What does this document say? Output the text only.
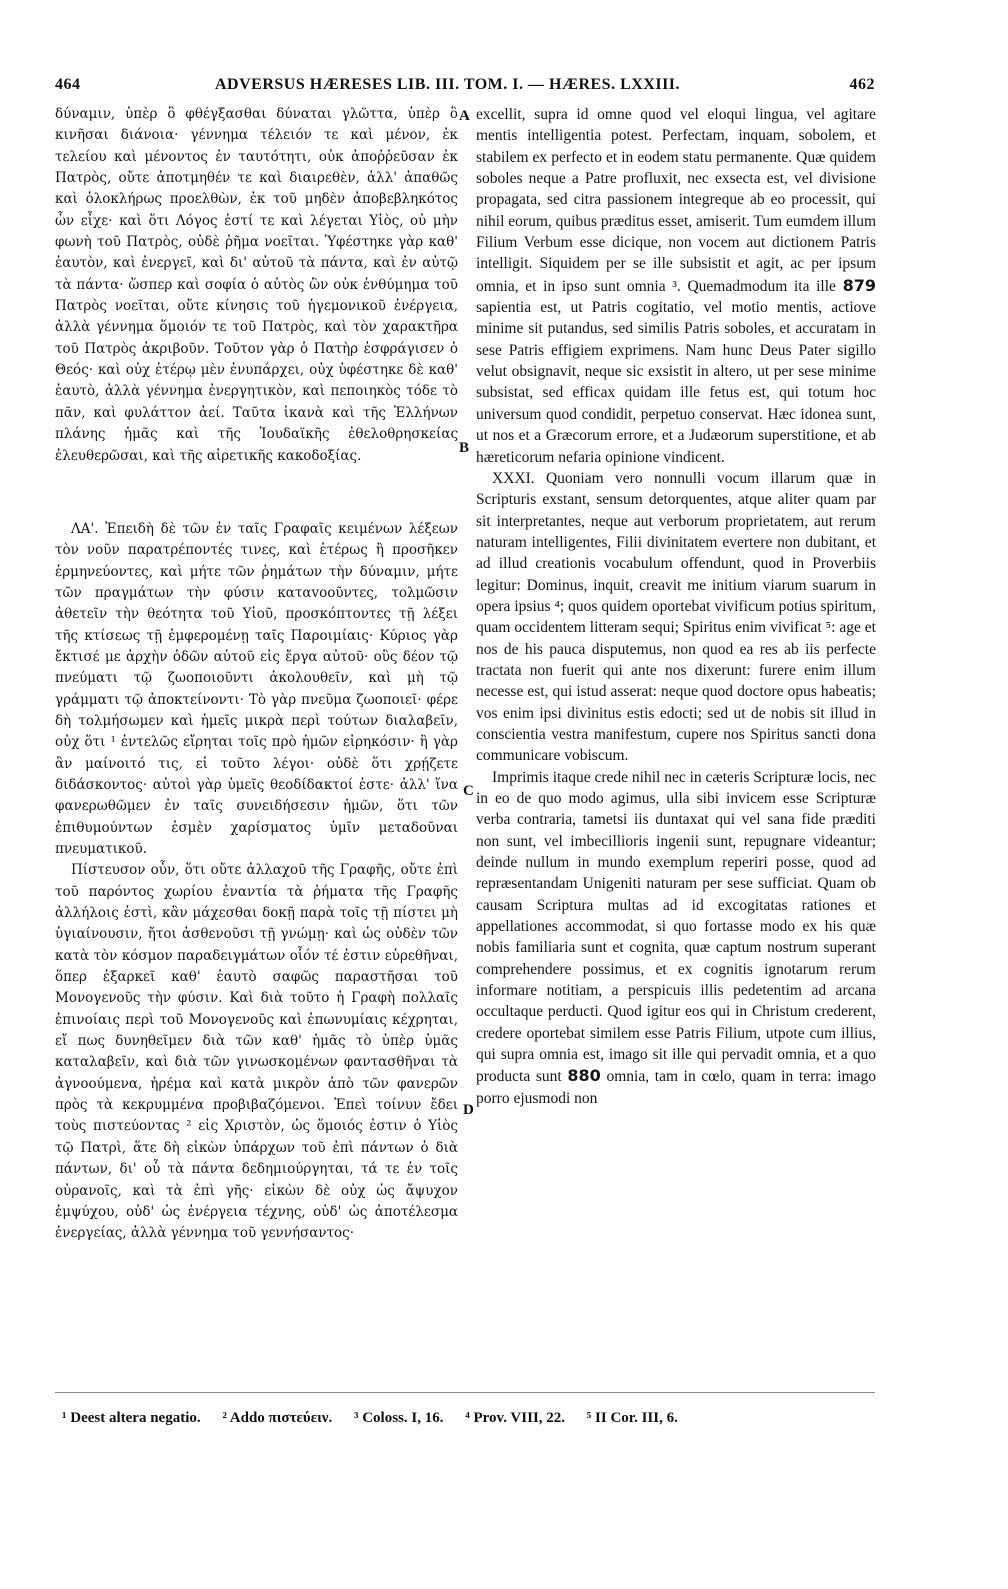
464	ADVERSUS HÆRESES LIB. III. TOM. I. — HÆRES. LXXIII.	462

δύναμιν, ὑπὲρ ὃ φθέγξασθαι δύναται γλῶττα, ὑπὲρ ὃ κινῆσαι διάνοια· γέννημα τέλειόν τε καὶ μένον, ἐκ τελείου καὶ μένοντος ἐν ταυτότητι, οὐκ ἀποῤῥεῦσαν ἐκ Πατρὸς, οὔτε ἀποτμηθέν τε καὶ διαιρεθὲν, ἀλλ' ἀπαθῶς καὶ ὁλοκλήρως προελθὼν, ἐκ τοῦ μηδὲν ἀποβεβληκότος ὧν εἶχε· καὶ ὅτι Λόγος ἐστί τε καὶ λέγεται Υἱὸς, οὐ μὴν φωνὴ τοῦ Πατρὸς, οὐδὲ ῥῆμα νοεῖται. Ὑφέστηκε γὰρ καθ' ἑαυτὸν, καὶ ἐνεργεῖ, καὶ δι' αὐτοῦ τὰ πάντα, καὶ ἐν αὐτῷ τὰ πάντα· ὥσπερ καὶ σοφία ὁ αὐτὸς ὢν οὐκ ἐνθύμημα τοῦ Πατρὸς νοεῖται, οὔτε κίνησις τοῦ ἡγεμονικοῦ ἐνέργεια, ἀλλὰ γέννημα ὅμοιόν τε τοῦ Πατρὸς, καὶ τὸν χαρακτῆρα τοῦ Πατρὸς ἀκριβοῦν. Τοῦτον γὰρ ὁ Πατὴρ ἐσφράγισεν ὁ Θεός· καὶ οὐχ ἑτέρῳ μὲν ἐνυπάρχει, οὐχ ὑφέστηκε δὲ καθ' ἑαυτὸ, ἀλλὰ γέννημα ἐνεργητικὸν, καὶ πεποιηκὸς τόδε τὸ πᾶν, καὶ φυλάττον ἀεί. Ταῦτα ἱκανὰ καὶ τῆς Ἑλλήνων πλάνης ἡμᾶς καὶ τῆς Ἰουδαϊκῆς ἐθελοθρησκείας ἐλευθερῶσαι, καὶ τῆς αἱρετικῆς κακοδοξίας.

ΛΑ'. Ἐπειδὴ δὲ τῶν ἐν ταῖς Γραφαῖς κειμένων λέξεων τὸν νοῦν παρατρέποντές τινες, καὶ ἑτέρως ἢ προσῆκεν ἑρμηνεύοντες, καὶ μήτε τῶν ῥημάτων τὴν δύναμιν, μήτε τῶν πραγμάτων τὴν φύσιν καταvοοῦντες, τολμῶσιν ἀθετεῖν τὴν θεότητα τοῦ Υἱοῦ, προσκόπτοντες τῇ λέξει τῆς κτίσεως τῇ ἐμφερομένῃ ταῖς Παροιμίαις· Κύριος γὰρ ἔκτισέ με ἀρχὴν ὁδῶν αὐτοῦ εἰς ἔργα αὐτοῦ· οὓς δέον τῷ πνεύματι τῷ ζωοποιοῦντι ἀκολουθεῖν, καὶ μὴ τῷ γράμματι τῷ ἀποκτείνοντι· Τὸ γὰρ πνεῦμα ζωοποιεῖ· φέρε δὴ τολμήσωμεν καὶ ἡμεῖς μικρὰ περὶ τούτων διαλαβεῖν, οὐχ ὅτι ¹ ἐντελῶς εἴρηται τοῖς πρὸ ἡμῶν εἰρηκόσιν· ἢ γὰρ ἂν μαίνοιτό τις, εἰ τοῦτο λέγοι· οὐδὲ ὅτι χρῄζετε διδάσκοντος· αὐτοὶ γὰρ ὑμεῖς θεοδίδακτοί ἐστε· ἀλλ' ἵνα φανερωθῶμεν ἐν ταῖς συνειδήσεσιν ἡμῶν, ὅτι τῶν ἐπιθυμούντων ἐσμὲν χαρίσματος ὑμῖν μεταδοῦναι πνευματικοῦ.

Πίστευσον οὖν, ὅτι οὔτε ἀλλαχοῦ τῆς Γραφῆς, οὔτε ἐπὶ τοῦ παρόντος χωρίου ἐναντία τὰ ῥήματα τῆς Γραφῆς ἀλλήλοις ἐστὶ, κἂν μάχεσθαι δοκῇ παρὰ τοῖς τῇ πίστει μὴ ὑγιαίνουσιν, ἤτοι ἀσθενοῦσι τῇ γνώμῃ· καὶ ὡς οὐδὲν τῶν κατὰ τὸν κόσμον παραδειγμάτων οἷόν τέ ἐστιν εὑρεθῆναι, ὅπερ ἐξαρκεῖ καθ' ἑαυτὸ σαφῶς παραστῆσαι τοῦ Μονογενοῦς τὴν φύσιν. Καὶ διὰ τοῦτο ἡ Γραφὴ πολλαῖς ἐπινοίαις περὶ τοῦ Μονογενοῦς καὶ ἐπωνυμίαις κέχρηται, εἴ πως δυνηθεῖμεν διὰ τῶν καθ' ἡμᾶς τὸ ὑπὲρ ὑμᾶς καταλαβεῖν, καὶ διὰ τῶν γινωσκομένων φαντασθῆναι τὰ ἀγνοούμενα, ἠρέμα καὶ κατὰ μικρὸν ἀπὸ τῶν φανερῶν πρὸς τὰ κεκρυμμένα προβιβαζόμενοι. Ἐπεὶ τοίνυν ἔδει τοὺς πιστεύοντας ² εἰς Χριστὸν, ὡς ὅμοιός ἐστιν ὁ Υἱὸς τῷ Πατρὶ, ἅτε δὴ εἰκὼν ὑπάρχων τοῦ ἐπὶ πάντων ὁ διὰ πάντων, δι' οὗ τὰ πάντα δεδημιούργηται, τά τε ἐν τοῖς οὐρανοῖς, καὶ τὰ ἐπὶ γῆς· εἰκὼν δὲ οὐχ ὡς ἄψυχον ἐμψύχου, οὐδ' ὡς ἐνέργεια τέχνης, οὐδ' ὡς ἀποτέλεσμα ἐνεργείας, ἀλλὰ γέννημα τοῦ γεννήσαντος·

A
B
C
D

excellit, supra id omne quod vel eloqui lingua, vel agitare mentis intelligentia potest. Perfectam, inquam, sobolem, et stabilem ex perfecto et in eodem statu permanente. Quæ quidem soboles neque a Patre profluxit, nec exsecta est, vel divisione propagata, sed citra passionem integreque ab eo processit, qui nihil eorum, quibus præditus esset, amiserit. Tum eumdem illum Filium Verbum esse dicique, non vocem aut dictionem Patris intelligit. Siquidem per se ille subsistit et agit, ac per ipsum omnia, et in ipso sunt omnia ³. Quemadmodum ita ille 879 sapientia est, ut Patris cogitatio, vel motio mentis, actiove minime sit putandus, sed similis Patris soboles, et accuratam in sese Patris effigiem exprimens. Nam hunc Deus Pater sigillo velut obsignavit, neque sic exsistit in altero, ut per sese minime subsistat, sed efficax quidam ille fetus est, qui totum hoc universum quod condidit, perpetuo conservat. Hæc idonea sunt, ut nos et a Græcorum errore, et a Judæorum superstitione, et ab hæreticorum nefaria opinione vindicent.

XXXI. Quoniam vero nonnulli vocum illarum quæ in Scripturis exstant, sensum detorquentes, atque aliter quam par sit interpretantes, neque aut verborum proprietatem, aut rerum naturam intelligentes, Filii divinitatem evertere non dubitant, et ad illud creationis vocabulum offendunt, quod in Proverbiis legitur: Dominus, inquit, creavit me initium viarum suarum in opera ipsius ⁴; quos quidem oportebat vivificum potius spiritum, quam occidentem litteram sequi; Spiritus enim vivificat ⁵: age et nos de his pauca disputemus, non quod ea res ab iis perfecte tractata non fuerit qui ante nos dixerunt: furere enim illum necesse est, qui istud asserat: neque quod doctore opus habeatis; vos enim ipsi divinitus estis edocti; sed ut de nobis sit illud in conscientia vestra manifestum, cupere nos Spiritus sancti dona communicare vobiscum.

Imprimis itaque crede nihil nec in cæteris Scripturæ locis, nec in eo de quo modo agimus, ulla sibi invicem esse Scripturæ verba contraria, tametsi iis duntaxat qui vel sana fide præditi non sunt, vel imbecillioris ingenii sunt, repugnare videantur; deinde nullum in mundo exemplum reperiri posse, quod ad repræsentandam Unigeniti naturam per sese sufficiat. Quam ob causam Scriptura multas ad id excogitatas rationes et appellationes accommodat, si quo fortasse modo ex his quæ nobis familiaria sunt et cognita, quæ captum nostrum superant comprehendere possimus, et ex cognitis ignotarum rerum informare notitiam, a perspicuis illis pedetentim ad arcana occultaque perducti. Quod igitur eos qui in Christum crederent, credere oportebat similem esse Patris Filium, utpote cum illius, qui supra omnia est, imago sit ille qui pervadit omnia, et a quo producta sunt 880 omnia, tam in cœlo, quam in terra: imago porro ejusmodi non

¹ Deest altera negatio. ² Addo πιστεύειν. ³ Coloss. I, 16. ⁴ Prov. VIII, 22. ⁵ II Cor. III, 6.
